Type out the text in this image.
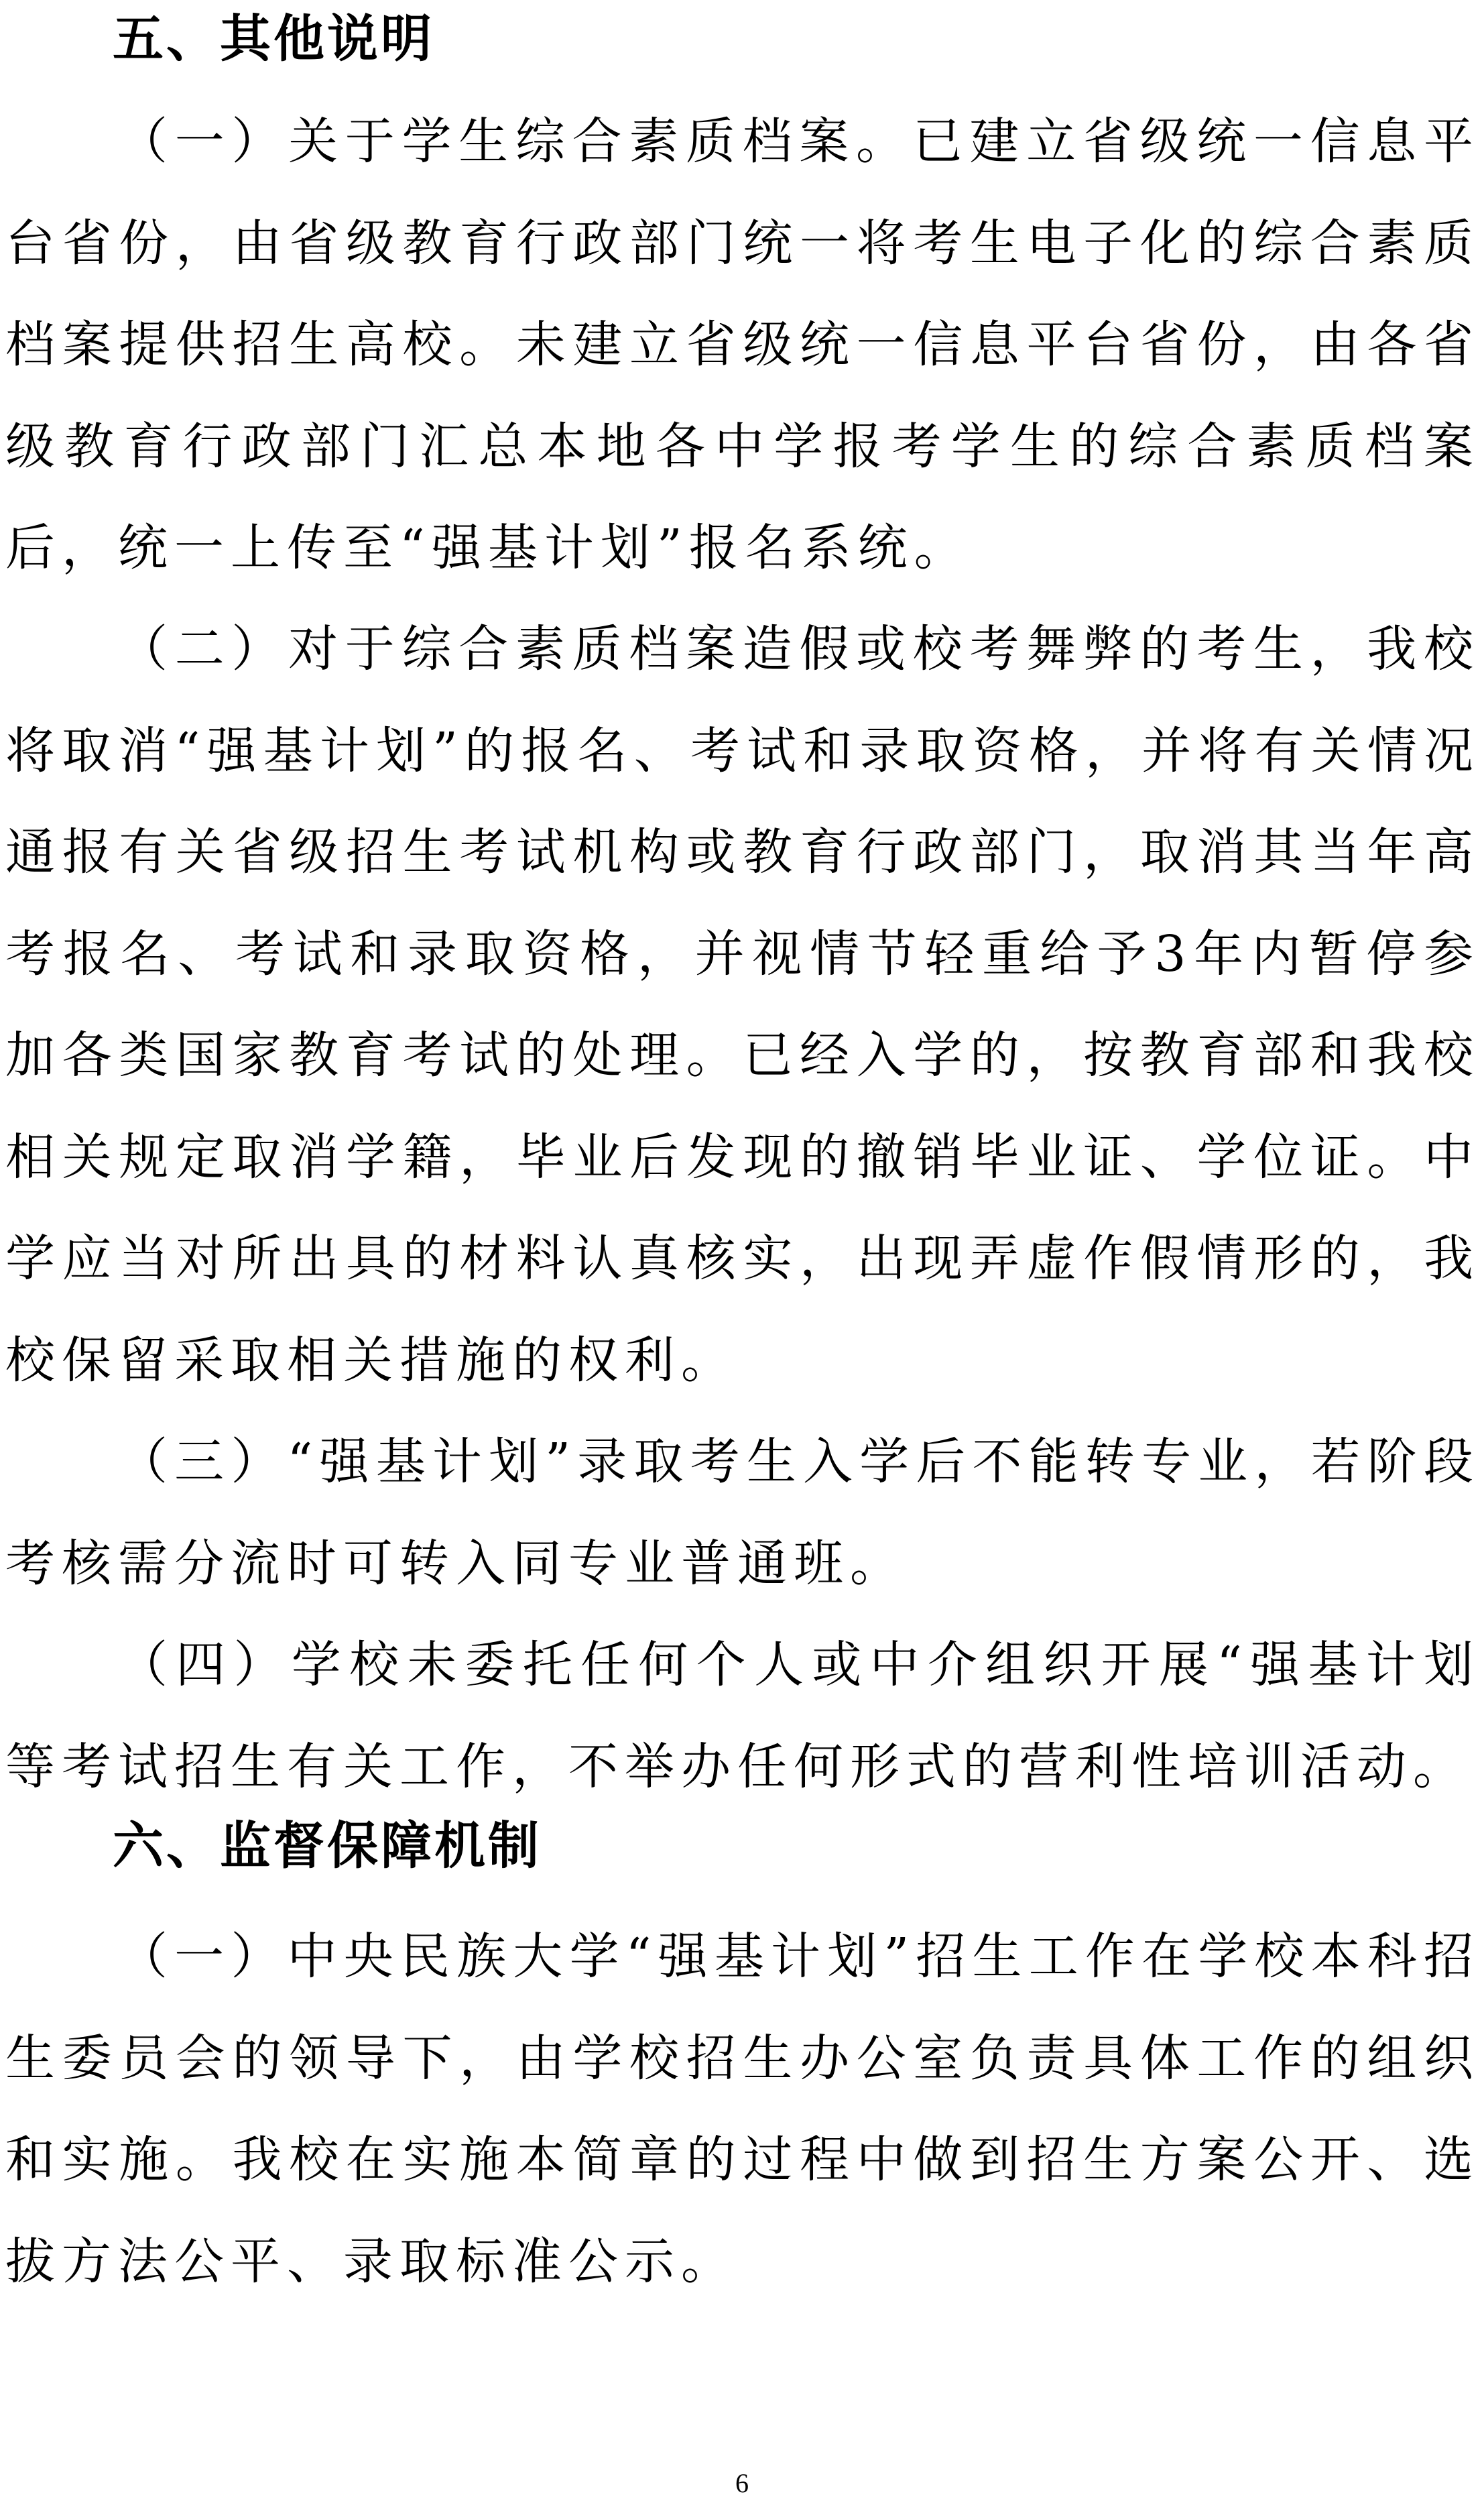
五、其他说明

（一）关于学生综合素质档案。已建立省级统一信息平台省份，由省级教育行政部门统一将考生电子化的综合素质档案提供招生高校。未建立省级统一信息平台省份，由各省级教育行政部门汇总本地各中学报考学生的综合素质档案后，统一上传至“强基计划”报名系统。

（二）对于综合素质档案造假或校考舞弊的考生，我校将取消“强基计划”的报名、考试和录取资格，并将有关情况通报有关省级招生考试机构或教育行政部门，取消其当年高考报名、考试和录取资格，并视情节轻重给予3年内暂停参加各类国家教育考试的处理。已经入学的，按教育部和我校相关规定取消学籍，毕业后发现的撤销毕业证、学位证。中学应当对所出具的材料认真核实，出现弄虚作假情形的，我校保留采取相关措施的权利。

（三）“强基计划”录取考生入学后不能转专业，若阶段考核需分流时可转入同专业普通班。

（四）学校未委托任何个人或中介组织开展“强基计划等考试招生有关工作，不举办任何形式的营利性培训活动。

六、监督保障机制

（一）中央民族大学“强基计划”招生工作在学校本科招生委员会的领导下，由学校招生办公室负责具体工作的组织和实施。我校在实施本简章的过程中做到招生方案公开、选拔方法公平、录取标准公示。

6
